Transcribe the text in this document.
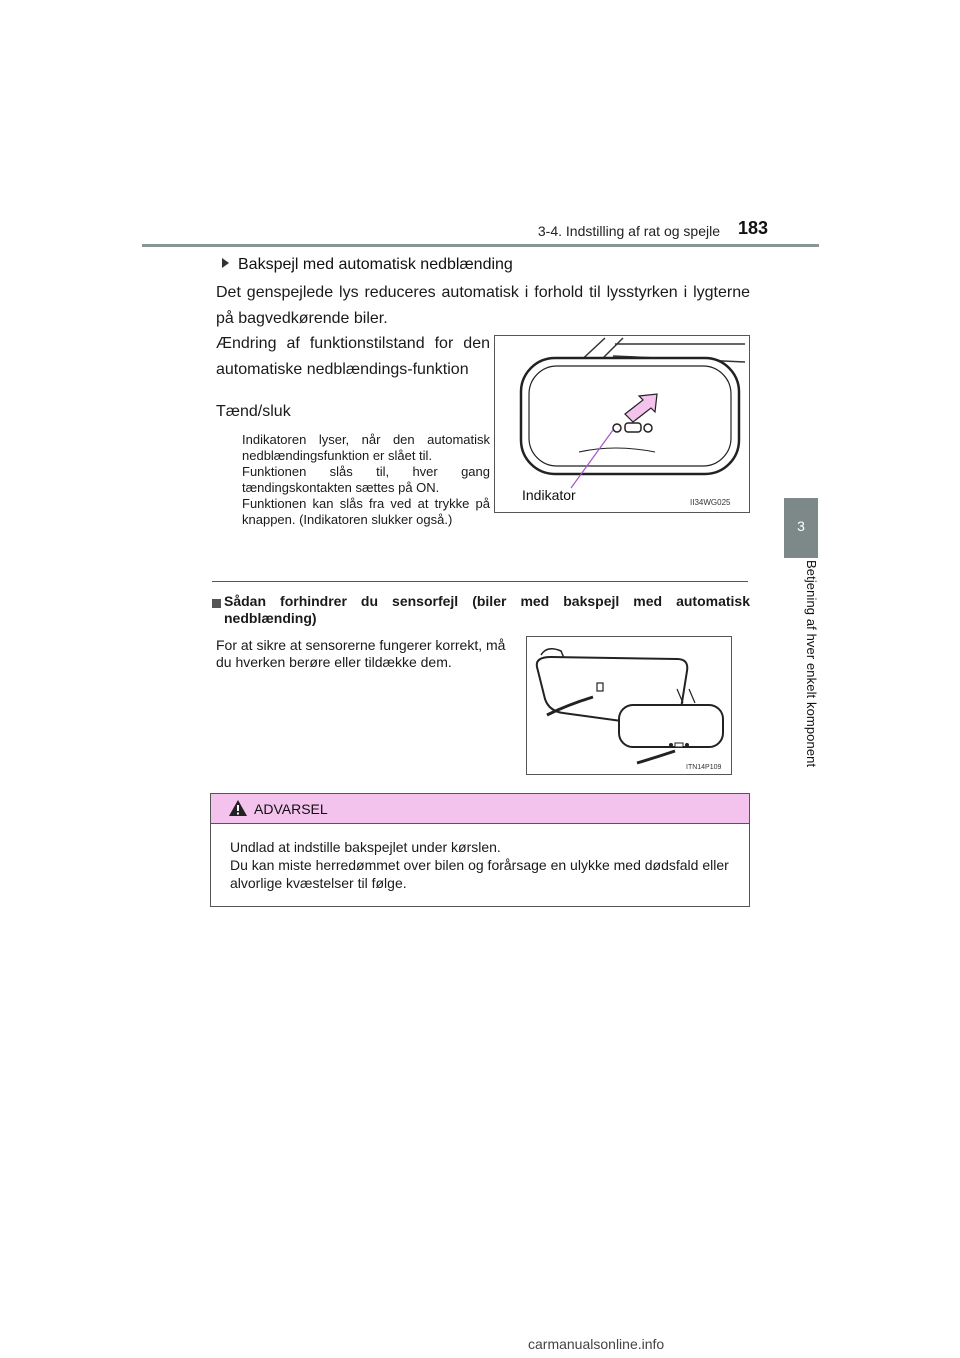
3-4. Indstilling af rat og spejle 183
3
Betjening af hver enkelt komponent
Bakspejl med automatisk nedblænding
Det genspejlede lys reduceres automatisk i forhold til lysstyrken i lygterne på bagvedkørende biler.
Ændring af funktionstilstand for den automatiske nedblændings-funktion
Tænd/sluk

Indikatoren lyser, når den automatisk nedblændingsfunktion er slået til.

Funktionen slås til, hver gang tændingskontakten sættes på ON.

Funktionen kan slås fra ved at trykke på knappen. (Indikatoren slukker også.)

Indikator	II34WG025
Sådan forhindrer du sensorfejl (biler med bakspejl med automatisk nedblænding)
For at sikre at sensorerne fungerer korrekt, må du hverken berøre eller tildække dem.
ITN14P109
ADVARSEL

Undlad at indstille bakspejlet under kørslen.

Du kan miste herredømmet over bilen og forårsage en ulykke med dødsfald eller alvorlige kvæstelser til følge.

carmanualsonline.info
